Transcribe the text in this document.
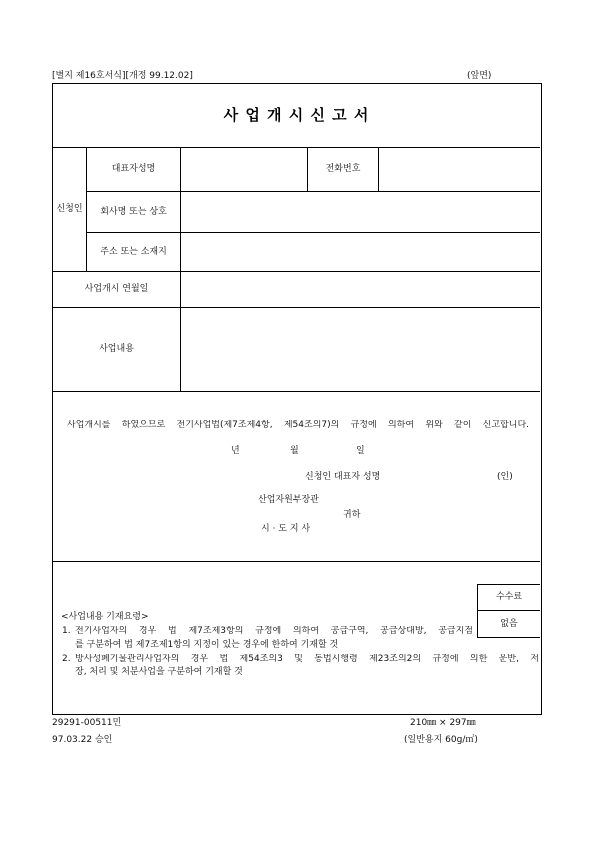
[별지 제16호서식][개정 99.12.02]	(앞면)
사 업 개 시 신 고 서
신청인
대표자성명	전화번호
회사명 또는 상호
주소 또는 소재지
사업개시 연월일
사업내용
사업개시를 하였으므로 전기사업법(제7조제4항, 제54조의7)의 규정에 의하여 위와 같이 신고합니다.
년	월	일
신청인 대표자 성명	(인)
산업자원부장관
귀하
시 · 도 지 사
수수료
없음
<사업내용 기재요령>
1. 전기사업자의 경우 법 제7조제3항의 규정에 의하여 공급구역, 공급상대방, 공급지점
를 구분하여 법 제7조제1항의 지정이 있는 경우에 한하여 기재할 것
2. 방사성폐기물관리사업자의 경우 법 제54조의3 및 동법시행령 제23조의2의 규정에 의한 운반, 저
장, 처리 및 처분사업을 구분하여 기재할 것
29291-00511민
97.03.22 승인
210㎜ × 297㎜
(일반용지 60g/㎡)
